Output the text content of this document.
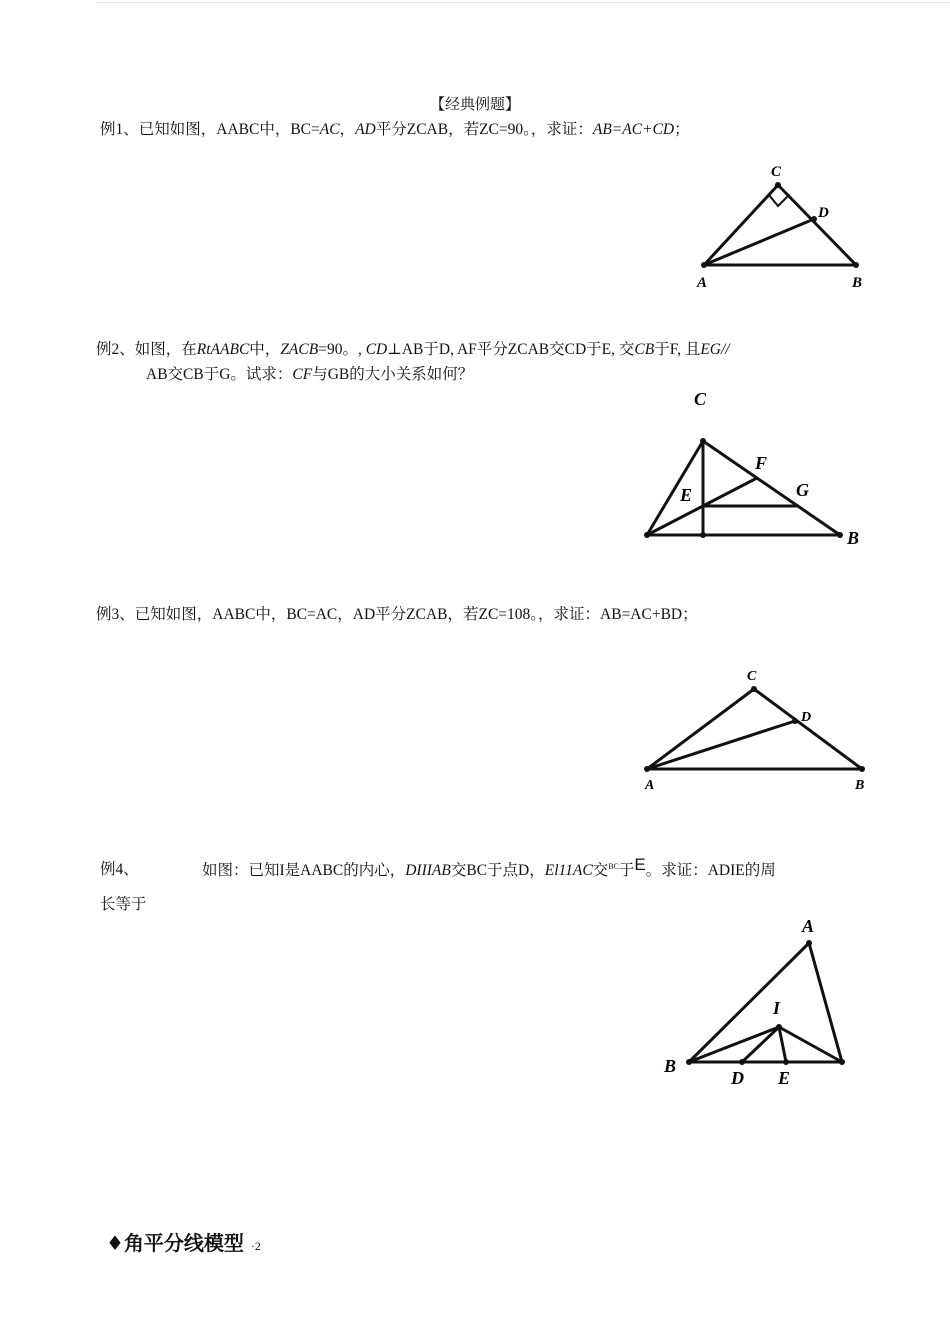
【经典例题】
例1、已知如图，AABC中，BC=AC，AD平分ZCAB，若ZC=90。，求证：AB=AC+CD；
C
D
A	B
例2、如图，在RtAABC中，ZACB=90。, CD⊥AB于D, AF平分ZCAB交CD于E, 交CB于F, 且EG//
AB交CB于G。试求：CF与GB的大小关系如何？
C
E
F
G
B
例3、已知如图，AABC中，BC=AC，AD平分ZCAB，若ZC=108。，求证：AB=AC+BD；
C
D
A	B
例4、	如图：已知I是AABC的内心，DIIIAB交BC于点D，El11AC交$^{BC}$于E。求证：ADIE的周
长等于
A
I
B
D E
♦角平分线模型 ·2
